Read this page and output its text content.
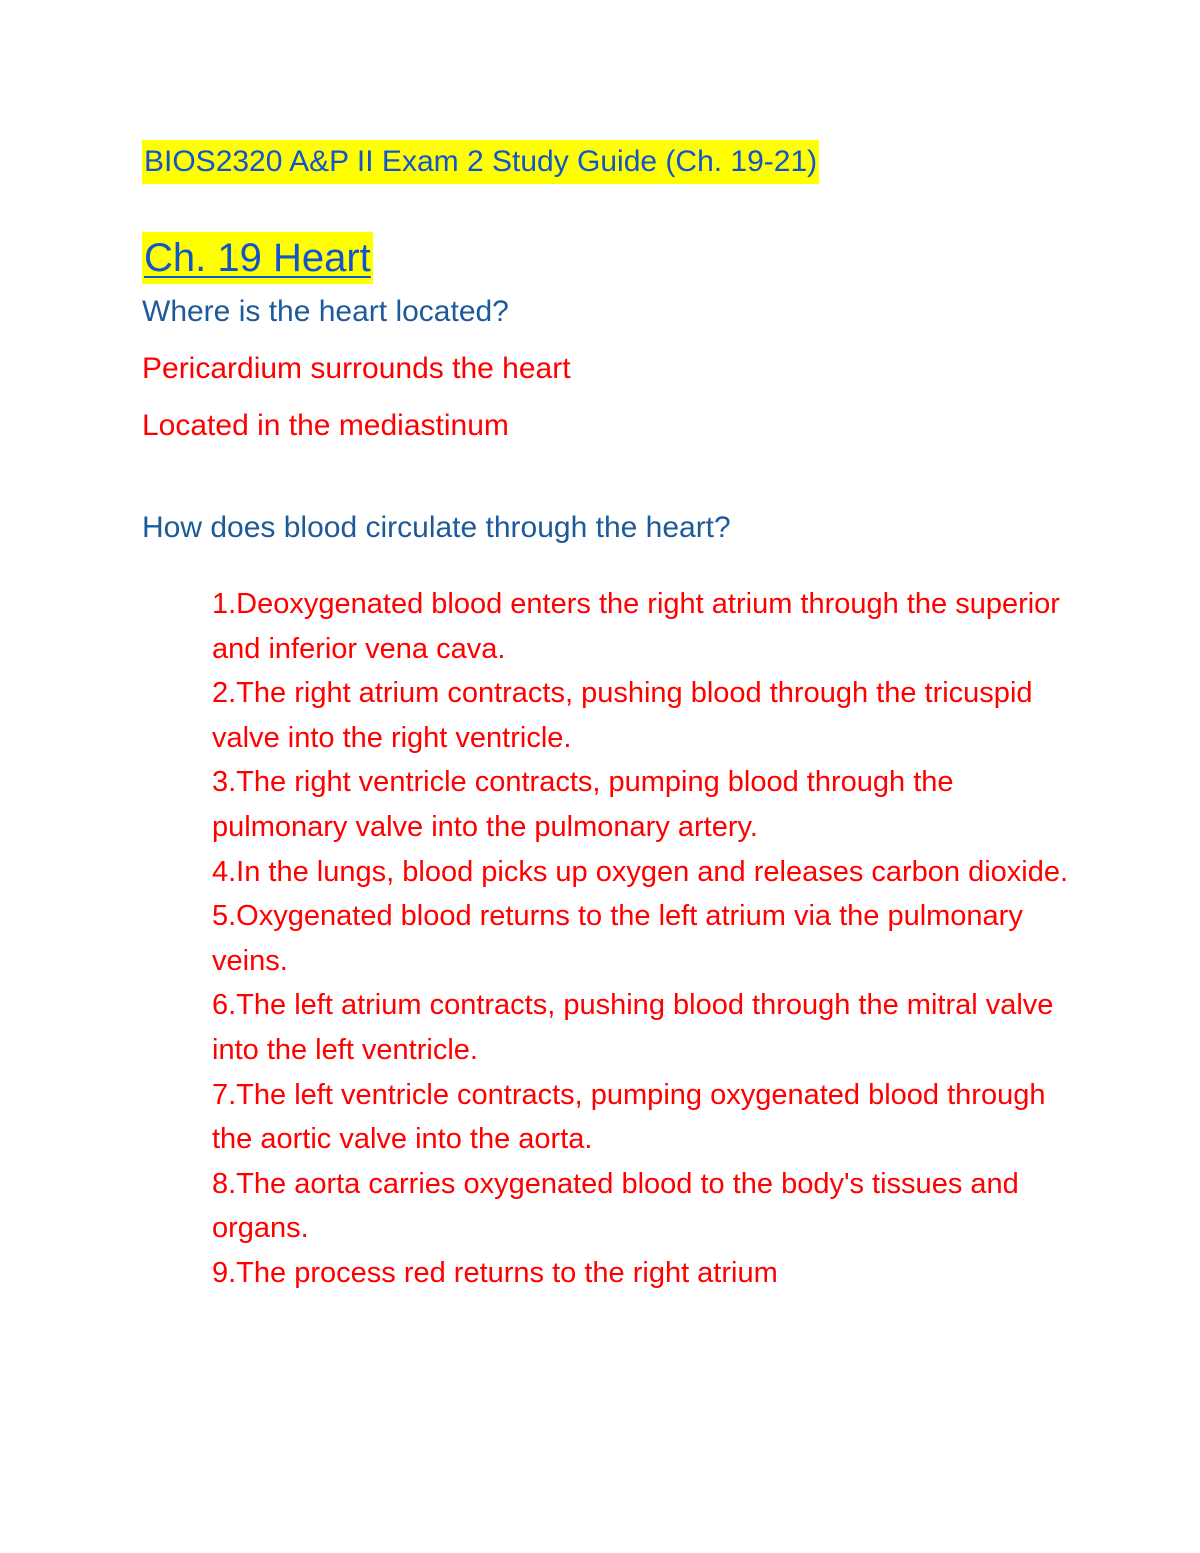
BIOS2320 A&P II Exam 2 Study Guide (Ch. 19-21)
Ch. 19 Heart
Where is the heart located?
Pericardium surrounds the heart
Located in the mediastinum
How does blood circulate through the heart?
1.Deoxygenated blood enters the right atrium through the superior and inferior vena cava.
2.The right atrium contracts, pushing blood through the tricuspid valve into the right ventricle.
3.The right ventricle contracts, pumping blood through the pulmonary valve into the pulmonary artery.
4.In the lungs, blood picks up oxygen and releases carbon dioxide.
5.Oxygenated blood returns to the left atrium via the pulmonary veins.
6.The left atrium contracts, pushing blood through the mitral valve into the left ventricle.
7.The left ventricle contracts, pumping oxygenated blood through the aortic valve into the aorta.
8.The aorta carries oxygenated blood to the body's tissues and organs.
9.The process red returns to the right atrium
